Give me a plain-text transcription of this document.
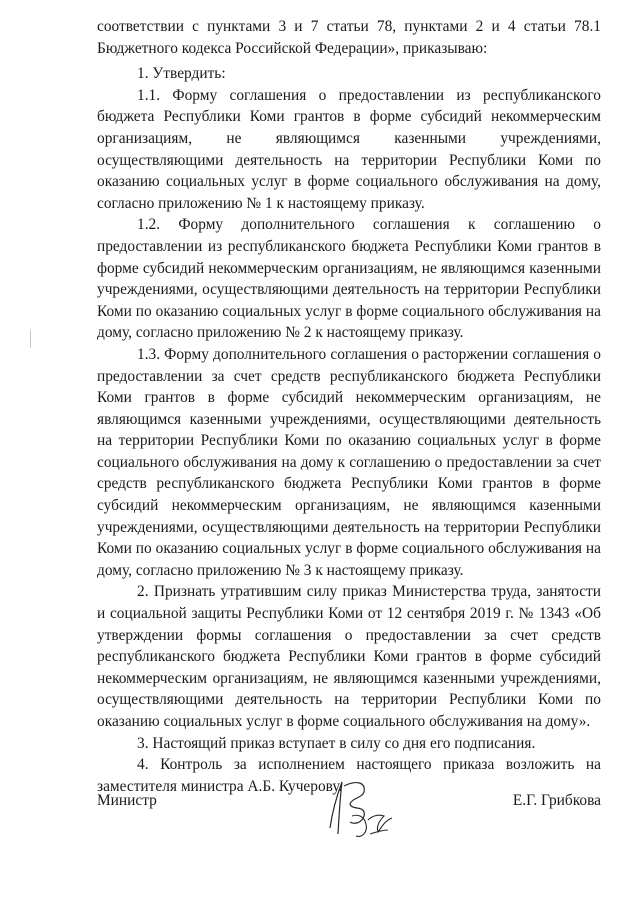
соответствии с пунктами 3 и 7 статьи 78, пунктами 2 и 4 статьи 78.1 Бюджетного кодекса Российской Федерации», приказываю:

1. Утвердить:

1.1. Форму соглашения о предоставлении из республиканского бюджета Республики Коми грантов в форме субсидий некоммерческим организациям, не являющимся казенными учреждениями, осуществляющими деятельность на территории Республики Коми по оказанию социальных услуг в форме социального обслуживания на дому, согласно приложению № 1 к настоящему приказу.

1.2. Форму дополнительного соглашения к соглашению о предоставлении из республиканского бюджета Республики Коми грантов в форме субсидий некоммерческим организациям, не являющимся казенными учреждениями, осуществляющими деятельность на территории Республики Коми по оказанию социальных услуг в форме социального обслуживания на дому, согласно приложению № 2 к настоящему приказу.

1.3. Форму дополнительного соглашения о расторжении соглашения о предоставлении за счет средств республиканского бюджета Республики Коми грантов в форме субсидий некоммерческим организациям, не являющимся казенными учреждениями, осуществляющими деятельность на территории Республики Коми по оказанию социальных услуг в форме социального обслуживания на дому к соглашению о предоставлении за счет средств республиканского бюджета Республики Коми грантов в форме субсидий некоммерческим организациям, не являющимся казенными учреждениями, осуществляющими деятельность на территории Республики Коми по оказанию социальных услуг в форме социального обслуживания на дому, согласно приложению № 3 к настоящему приказу.

2. Признать утратившим силу приказ Министерства труда, занятости и социальной защиты Республики Коми от 12 сентября 2019 г. № 1343 «Об утверждении формы соглашения о предоставлении за счет средств республиканского бюджета Республики Коми грантов в форме субсидий некоммерческим организациям, не являющимся казенными учреждениями, осуществляющими деятельность на территории Республики Коми по оказанию социальных услуг в форме социального обслуживания на дому».

3. Настоящий приказ вступает в силу со дня его подписания.

4. Контроль за исполнением настоящего приказа возложить на заместителя министра А.Б. Кучерову.

Министр	Е.Г. Грибкова
